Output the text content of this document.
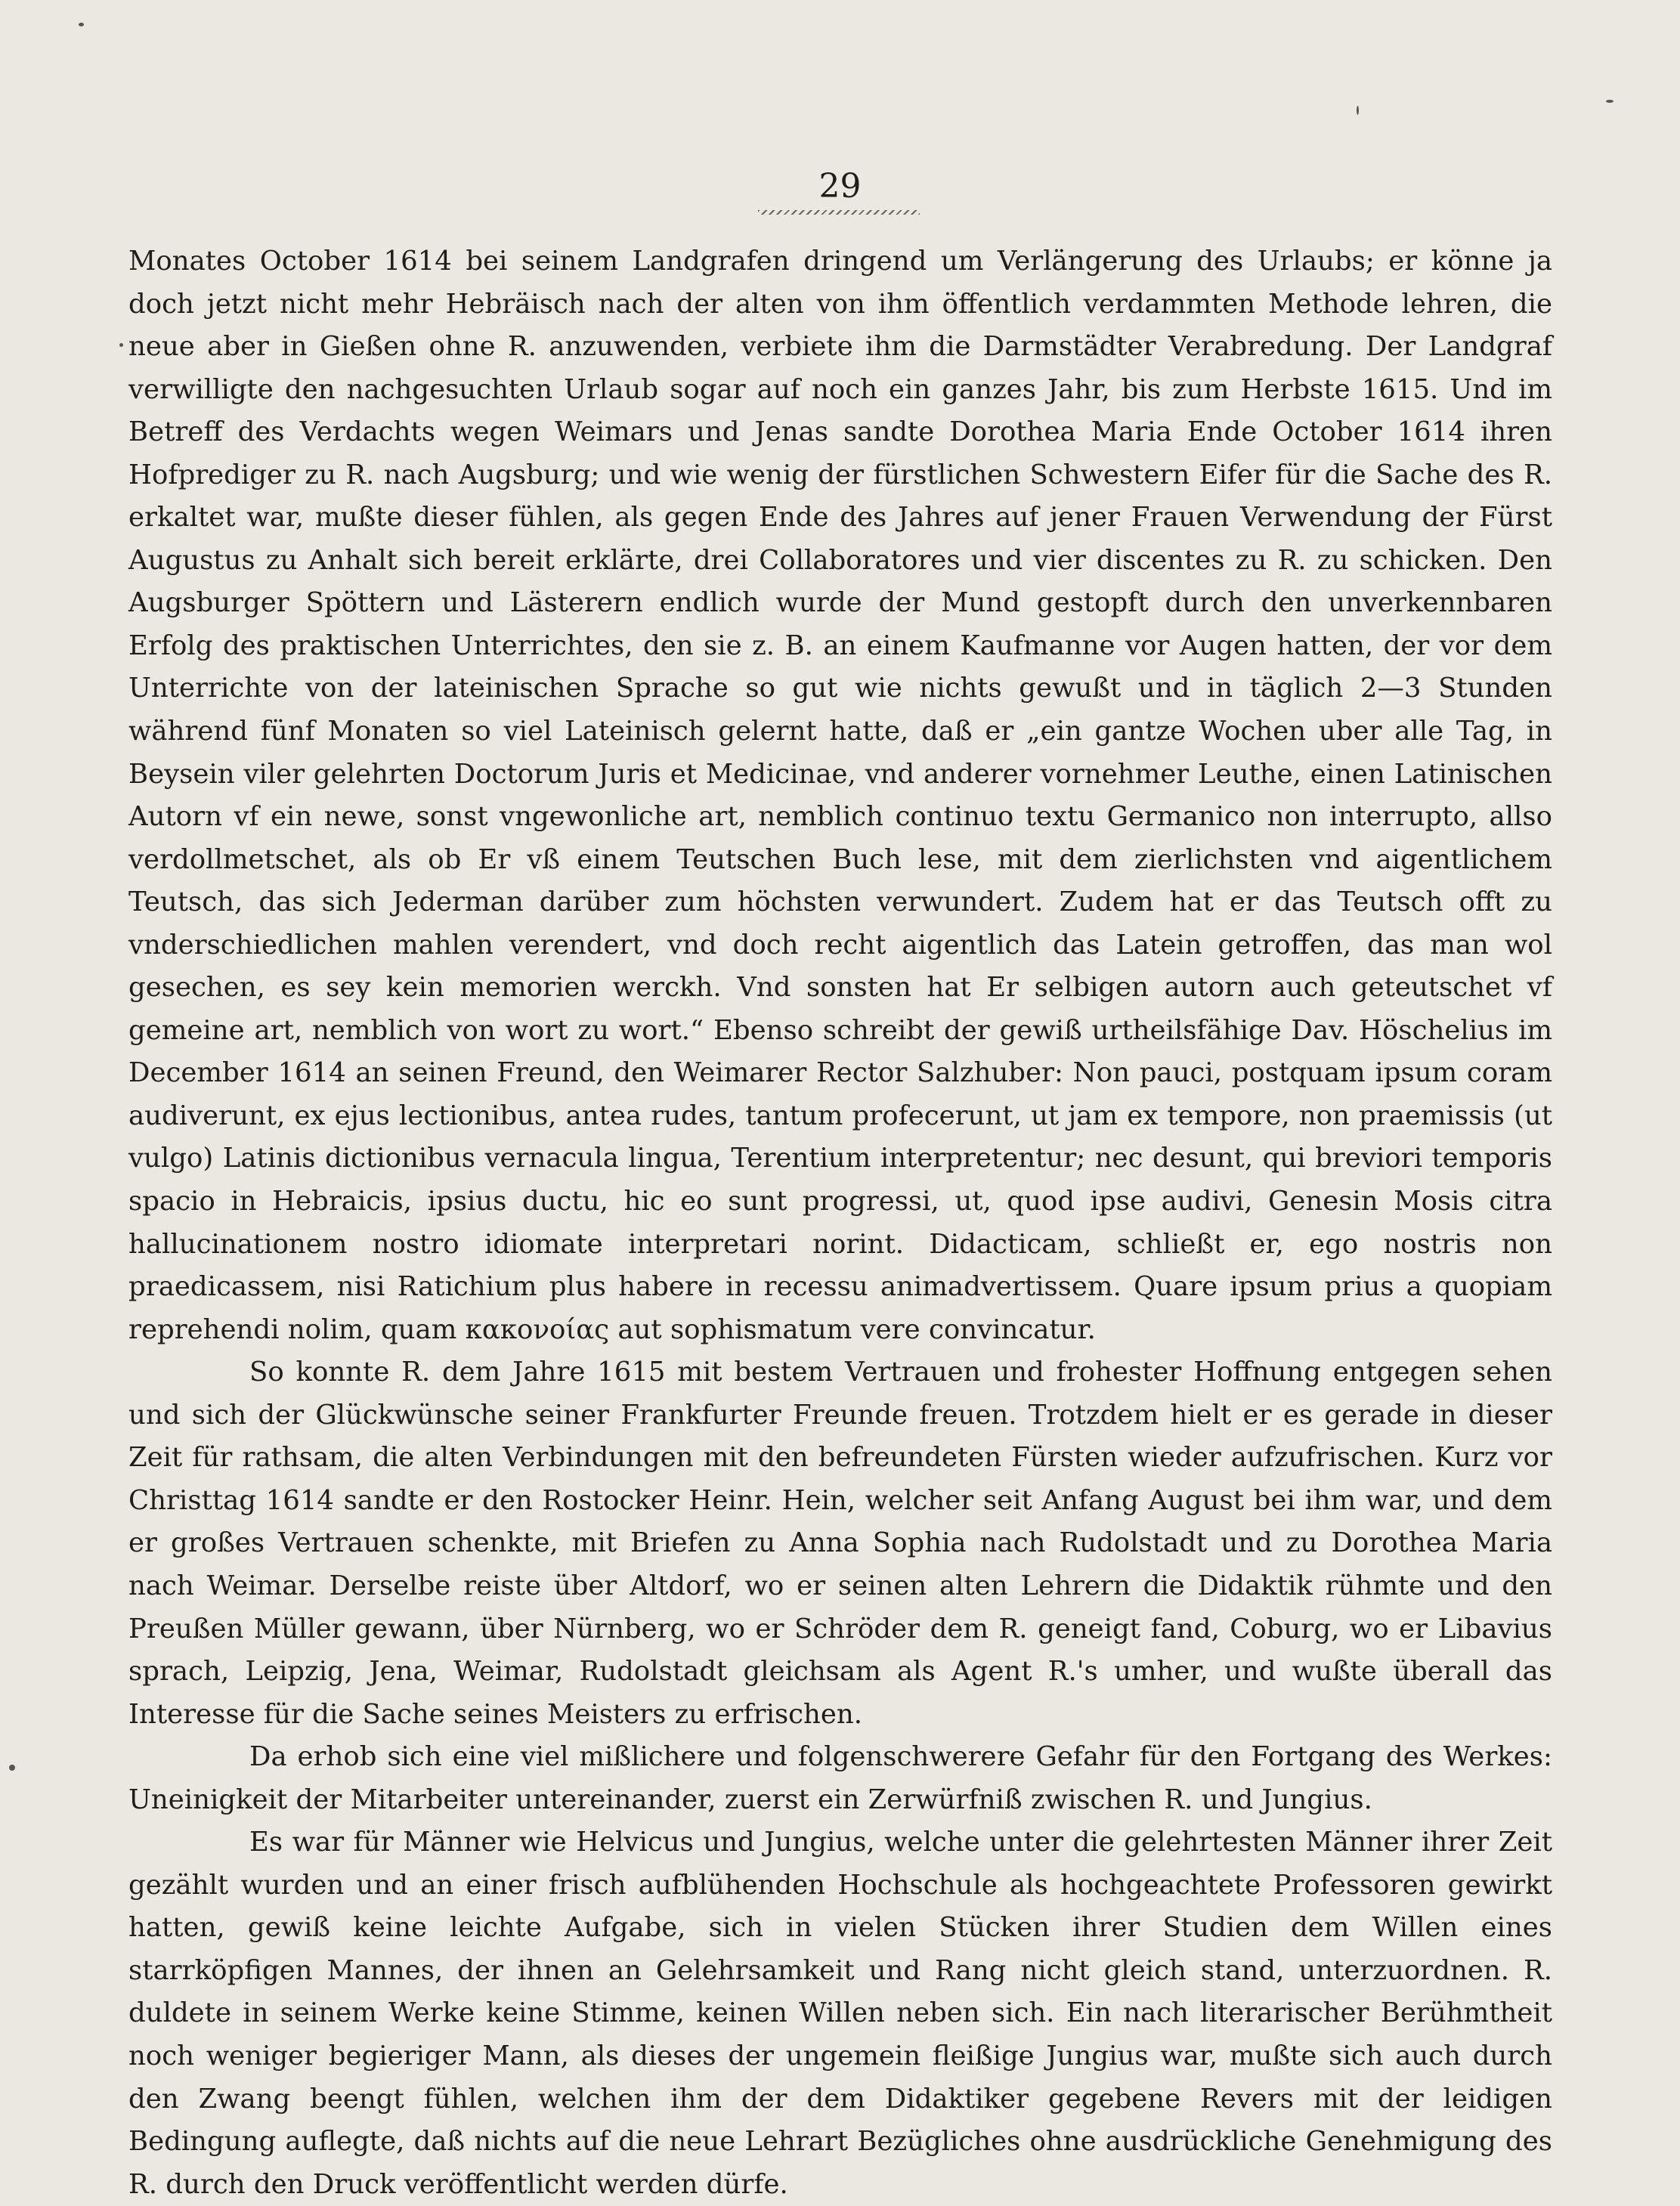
29

Monates October 1614 bei seinem Landgrafen dringend um Verlängerung des Urlaubs; er könne ja doch jetzt nicht mehr Hebräisch nach der alten von ihm öffentlich verdammten Methode lehren, die neue aber in Gießen ohne R. anzuwenden, verbiete ihm die Darmstädter Verabredung. Der Landgraf verwilligte den nachgesuchten Urlaub sogar auf noch ein ganzes Jahr, bis zum Herbste 1615. Und im Betreff des Verdachts wegen Weimars und Jenas sandte Dorothea Maria Ende October 1614 ihren Hofprediger zu R. nach Augsburg; und wie wenig der fürstlichen Schwestern Eifer für die Sache des R. erkaltet war, mußte dieser fühlen, als gegen Ende des Jahres auf jener Frauen Verwendung der Fürst Augustus zu Anhalt sich bereit erklärte, drei Collaboratores und vier discentes zu R. zu schicken. Den Augsburger Spöttern und Lästerern endlich wurde der Mund gestopft durch den unverkennbaren Erfolg des praktischen Unterrichtes, den sie z. B. an einem Kaufmanne vor Augen hatten, der vor dem Unterrichte von der lateinischen Sprache so gut wie nichts gewußt und in täglich 2—3 Stunden während fünf Monaten so viel Lateinisch gelernt hatte, daß er „ein gantze Wochen uber alle Tag, in Beysein viler gelehrten Doctorum Juris et Medicinae, vnd anderer vornehmer Leuthe, einen Latinischen Autorn vf ein newe, sonst vngewonliche art, nemblich continuo textu Germanico non interrupto, allso verdollmetschet, als ob Er vß einem Teutschen Buch lese, mit dem zierlichsten vnd aigentlichem Teutsch, das sich Jederman darüber zum höchsten verwundert. Zudem hat er das Teutsch offt zu vnderschiedlichen mahlen verendert, vnd doch recht aigentlich das Latein getroffen, das man wol gesechen, es sey kein memorien werckh. Vnd sonsten hat Er selbigen autorn auch geteutschet vf gemeine art, nemblich von wort zu wort.“ Ebenso schreibt der gewiß urtheilsfähige Dav. Höschelius im December 1614 an seinen Freund, den Weimarer Rector Salzhuber: Non pauci, postquam ipsum coram audiverunt, ex ejus lectionibus, antea rudes, tantum profecerunt, ut jam ex tempore, non praemissis (ut vulgo) Latinis dictionibus vernacula lingua, Terentium interpretentur; nec desunt, qui breviori temporis spacio in Hebraicis, ipsius ductu, hic eo sunt progressi, ut, quod ipse audivi, Genesin Mosis citra hallucinationem nostro idiomate interpretari norint. Didacticam, schließt er, ego nostris non praedicassem, nisi Ratichium plus habere in recessu animadvertissem. Quare ipsum prius a quopiam reprehendi nolim, quam κακονοίας aut sophismatum vere convincatur.

So konnte R. dem Jahre 1615 mit bestem Vertrauen und frohester Hoffnung entgegen sehen und sich der Glückwünsche seiner Frankfurter Freunde freuen. Trotzdem hielt er es gerade in dieser Zeit für rathsam, die alten Verbindungen mit den befreundeten Fürsten wieder aufzufrischen. Kurz vor Christtag 1614 sandte er den Rostocker Heinr. Hein, welcher seit Anfang August bei ihm war, und dem er großes Vertrauen schenkte, mit Briefen zu Anna Sophia nach Rudolstadt und zu Dorothea Maria nach Weimar. Derselbe reiste über Altdorf, wo er seinen alten Lehrern die Didaktik rühmte und den Preußen Müller gewann, über Nürnberg, wo er Schröder dem R. geneigt fand, Coburg, wo er Libavius sprach, Leipzig, Jena, Weimar, Rudolstadt gleichsam als Agent R.'s umher, und wußte überall das Interesse für die Sache seines Meisters zu erfrischen.

Da erhob sich eine viel mißlichere und folgenschwerere Gefahr für den Fortgang des Werkes: Uneinigkeit der Mitarbeiter untereinander, zuerst ein Zerwürfniß zwischen R. und Jungius.

Es war für Männer wie Helvicus und Jungius, welche unter die gelehrtesten Männer ihrer Zeit gezählt wurden und an einer frisch aufblühenden Hochschule als hochgeachtete Professoren gewirkt hatten, gewiß keine leichte Aufgabe, sich in vielen Stücken ihrer Studien dem Willen eines starrköpfigen Mannes, der ihnen an Gelehrsamkeit und Rang nicht gleich stand, unterzuordnen. R. duldete in seinem Werke keine Stimme, keinen Willen neben sich. Ein nach literarischer Berühmtheit noch weniger begieriger Mann, als dieses der ungemein fleißige Jungius war, mußte sich auch durch den Zwang beengt fühlen, welchen ihm der dem Didaktiker gegebene Revers mit der leidigen Bedingung auflegte, daß nichts auf die neue Lehrart Bezügliches ohne ausdrückliche Genehmigung des R. durch den Druck veröffentlicht werden dürfe.
